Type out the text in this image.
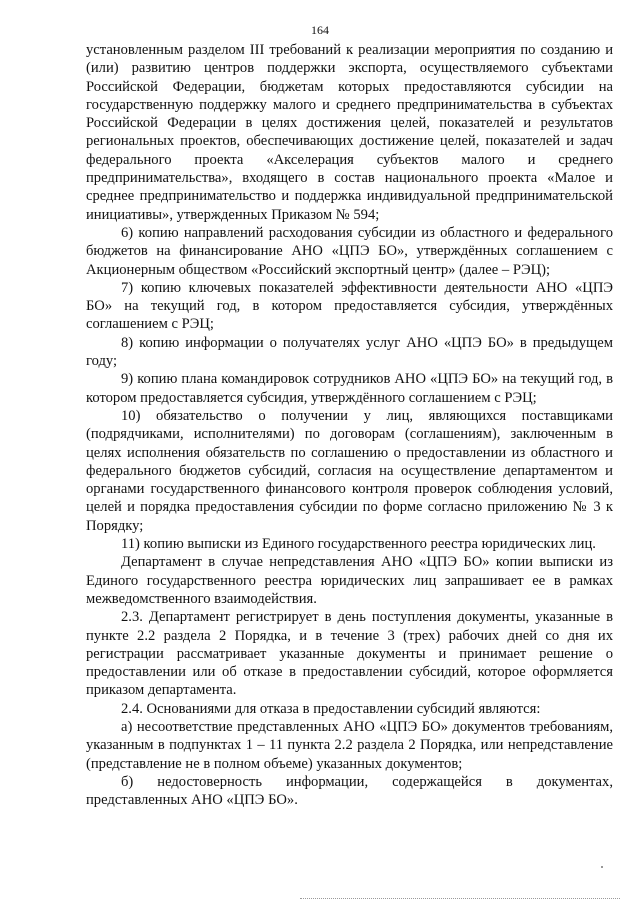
164

установленным разделом III требований к реализации мероприятия по созданию и (или) развитию центров поддержки экспорта, осуществляемого субъектами Российской Федерации, бюджетам которых предоставляются субсидии на государственную поддержку малого и среднего предпринимательства в субъектах Российской Федерации в целях достижения целей, показателей и результатов региональных проектов, обеспечивающих достижение целей, показателей и задач федерального проекта «Акселерация субъектов малого и среднего предпринимательства», входящего в состав национального проекта «Малое и среднее предпринимательство и поддержка индивидуальной предпринимательской инициативы», утвержденных Приказом № 594;

6) копию направлений расходования субсидии из областного и федерального бюджетов на финансирование АНО «ЦПЭ БО», утверждённых соглашением с Акционерным обществом «Российский экспортный центр» (далее – РЭЦ);

7) копию ключевых показателей эффективности деятельности АНО «ЦПЭ БО» на текущий год, в котором предоставляется субсидия, утверждённых соглашением с РЭЦ;

8) копию информации о получателях услуг АНО «ЦПЭ БО» в предыдущем году;

9) копию плана командировок сотрудников АНО «ЦПЭ БО» на текущий год, в котором предоставляется субсидия, утверждённого соглашением с РЭЦ;

10) обязательство о получении у лиц, являющихся поставщиками (подрядчиками, исполнителями) по договорам (соглашениям), заключенным в целях исполнения обязательств по соглашению о предоставлении из областного и федерального бюджетов субсидий, согласия на осуществление департаментом и органами государственного финансового контроля проверок соблюдения условий, целей и порядка предоставления субсидии по форме согласно приложению № 3 к Порядку;

11) копию выписки из Единого государственного реестра юридических лиц.

Департамент в случае непредставления АНО «ЦПЭ БО» копии выписки из Единого государственного реестра юридических лиц запрашивает ее в рамках межведомственного взаимодействия.

2.3. Департамент регистрирует в день поступления документы, указанные в пункте 2.2 раздела 2 Порядка, и в течение 3 (трех) рабочих дней со дня их регистрации рассматривает указанные документы и принимает решение о предоставлении или об отказе в предоставлении субсидий, которое оформляется приказом департамента.

2.4. Основаниями для отказа в предоставлении субсидий являются:

а) несоответствие представленных АНО «ЦПЭ БО» документов требованиям, указанным в подпунктах 1 – 11 пункта 2.2 раздела 2 Порядка, или непредставление (представление не в полном объеме) указанных документов;

б) недостоверность информации, содержащейся в документах, представленных АНО «ЦПЭ БО».
